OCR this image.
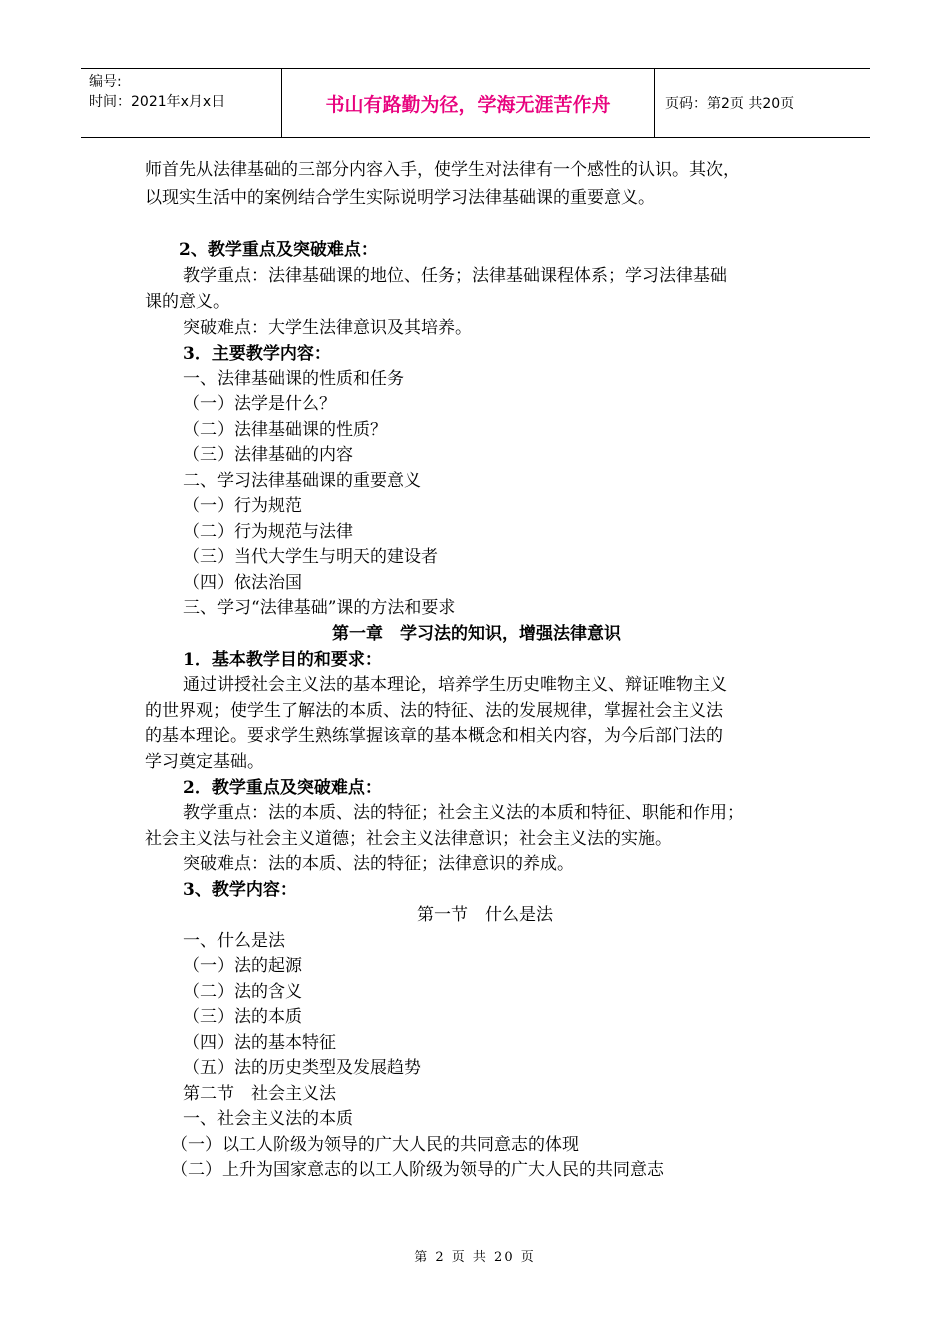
编号:
时间：2021年x月x日	书山有路勤为径，学海无涯苦作舟	页码：第2页 共20页
师首先从法律基础的三部分内容入手，使学生对法律有一个感性的认识。其次，
以现实生活中的案例结合学生实际说明学习法律基础课的重要意义。
2、教学重点及突破难点：
教学重点：法律基础课的地位、任务；法律基础课程体系；学习法律基础
课的意义。
突破难点：大学生法律意识及其培养。
3．主要教学内容：
一、法律基础课的性质和任务
（一）法学是什么？
（二）法律基础课的性质？
（三）法律基础的内容
二、学习法律基础课的重要意义
（一）行为规范
（二）行为规范与法律
（三）当代大学生与明天的建设者
（四）依法治国
三、学习“法律基础”课的方法和要求
第一章　学习法的知识，增强法律意识
1．基本教学目的和要求：
通过讲授社会主义法的基本理论，培养学生历史唯物主义、辩证唯物主义
的世界观；使学生了解法的本质、法的特征、法的发展规律，掌握社会主义法
的基本理论。要求学生熟练掌握该章的基本概念和相关内容，为今后部门法的
学习奠定基础。
2．教学重点及突破难点：
教学重点：法的本质、法的特征；社会主义法的本质和特征、职能和作用；
社会主义法与社会主义道德；社会主义法律意识；社会主义法的实施。
突破难点：法的本质、法的特征；法律意识的养成。
3、教学内容：
第一节　什么是法
一、什么是法
（一）法的起源
（二）法的含义
（三）法的本质
（四）法的基本特征
（五）法的历史类型及发展趋势
第二节　社会主义法
一、社会主义法的本质
（一）以工人阶级为领导的广大人民的共同意志的体现
（二）上升为国家意志的以工人阶级为领导的广大人民的共同意志
第 2 页 共 20 页
